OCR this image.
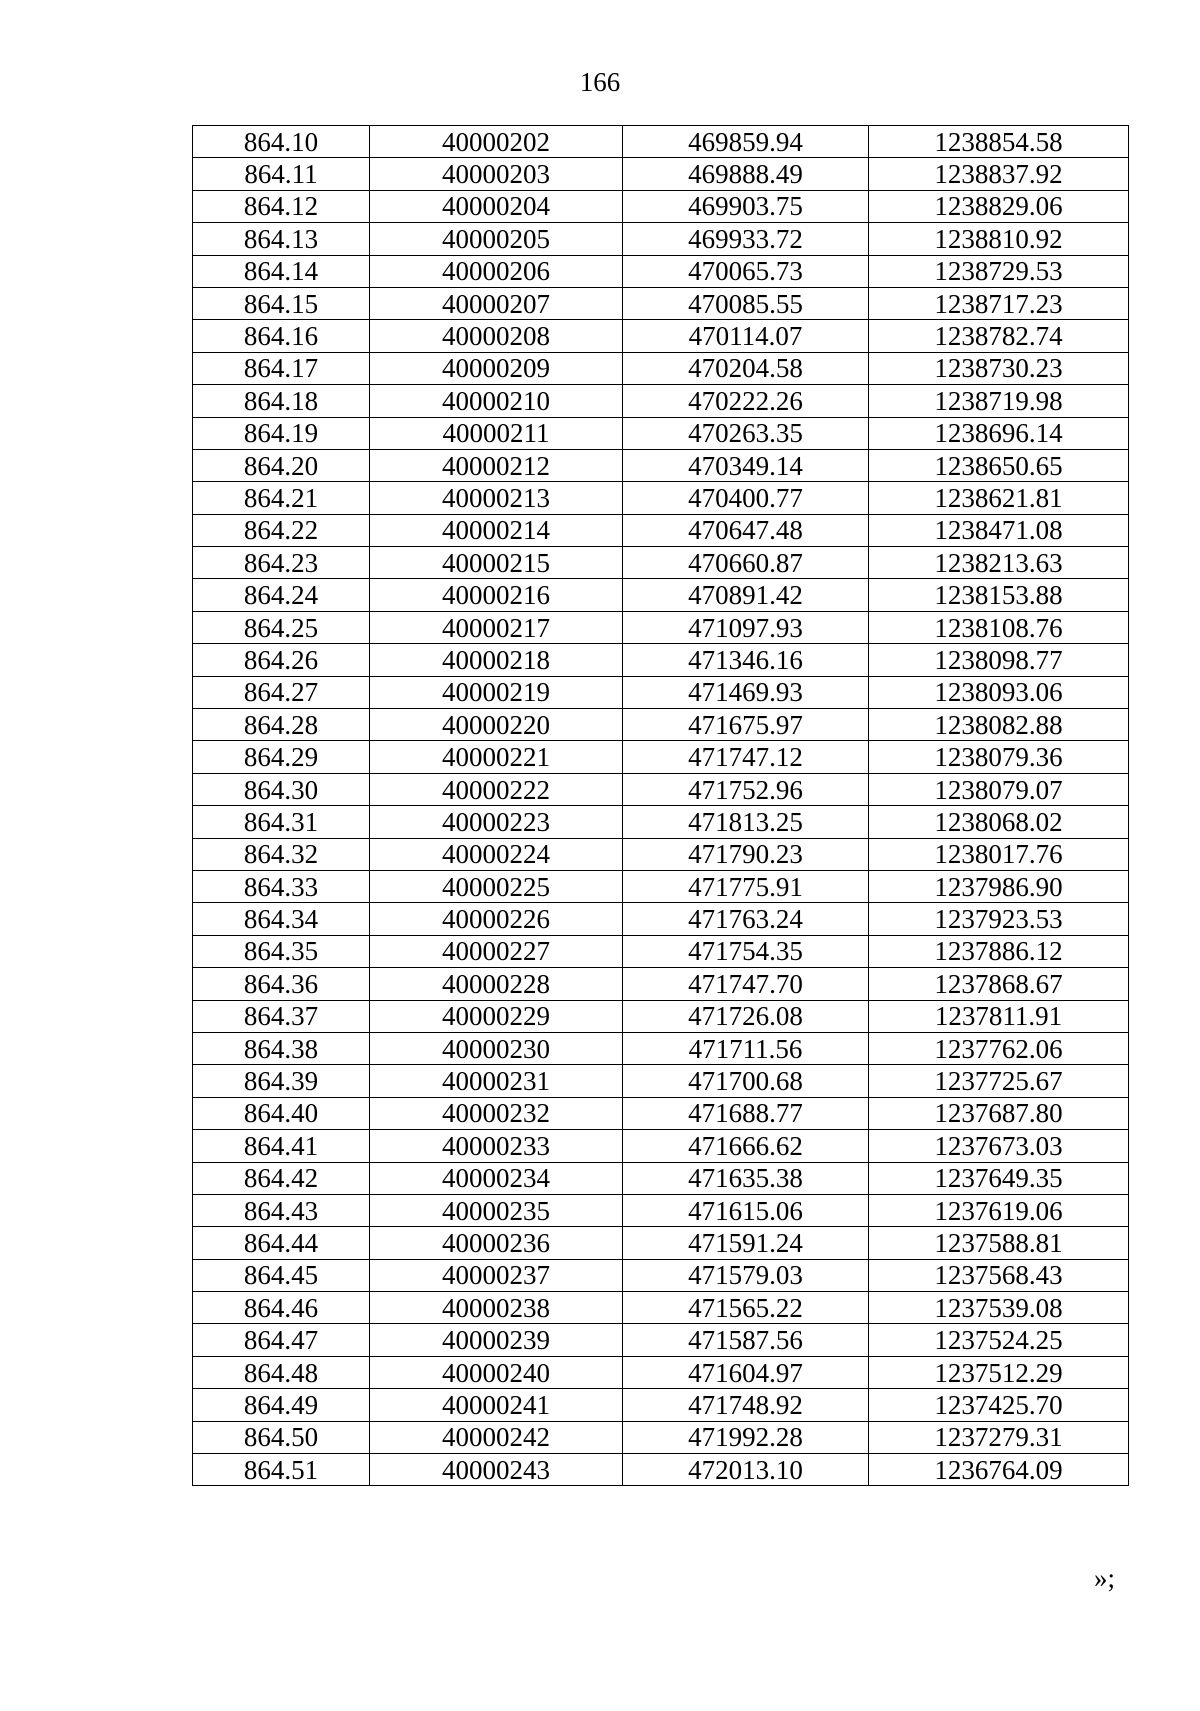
166
864.10	40000202	469859.94	1238854.58
864.11	40000203	469888.49	1238837.92
864.12	40000204	469903.75	1238829.06
864.13	40000205	469933.72	1238810.92
864.14	40000206	470065.73	1238729.53
864.15	40000207	470085.55	1238717.23
864.16	40000208	470114.07	1238782.74
864.17	40000209	470204.58	1238730.23
864.18	40000210	470222.26	1238719.98
864.19	40000211	470263.35	1238696.14
864.20	40000212	470349.14	1238650.65
864.21	40000213	470400.77	1238621.81
864.22	40000214	470647.48	1238471.08
864.23	40000215	470660.87	1238213.63
864.24	40000216	470891.42	1238153.88
864.25	40000217	471097.93	1238108.76
864.26	40000218	471346.16	1238098.77
864.27	40000219	471469.93	1238093.06
864.28	40000220	471675.97	1238082.88
864.29	40000221	471747.12	1238079.36
864.30	40000222	471752.96	1238079.07
864.31	40000223	471813.25	1238068.02
864.32	40000224	471790.23	1238017.76
864.33	40000225	471775.91	1237986.90
864.34	40000226	471763.24	1237923.53
864.35	40000227	471754.35	1237886.12
864.36	40000228	471747.70	1237868.67
864.37	40000229	471726.08	1237811.91
864.38	40000230	471711.56	1237762.06
864.39	40000231	471700.68	1237725.67
864.40	40000232	471688.77	1237687.80
864.41	40000233	471666.62	1237673.03
864.42	40000234	471635.38	1237649.35
864.43	40000235	471615.06	1237619.06
864.44	40000236	471591.24	1237588.81
864.45	40000237	471579.03	1237568.43
864.46	40000238	471565.22	1237539.08
864.47	40000239	471587.56	1237524.25
864.48	40000240	471604.97	1237512.29
864.49	40000241	471748.92	1237425.70
864.50	40000242	471992.28	1237279.31
864.51	40000243	472013.10	1236764.09
»;
